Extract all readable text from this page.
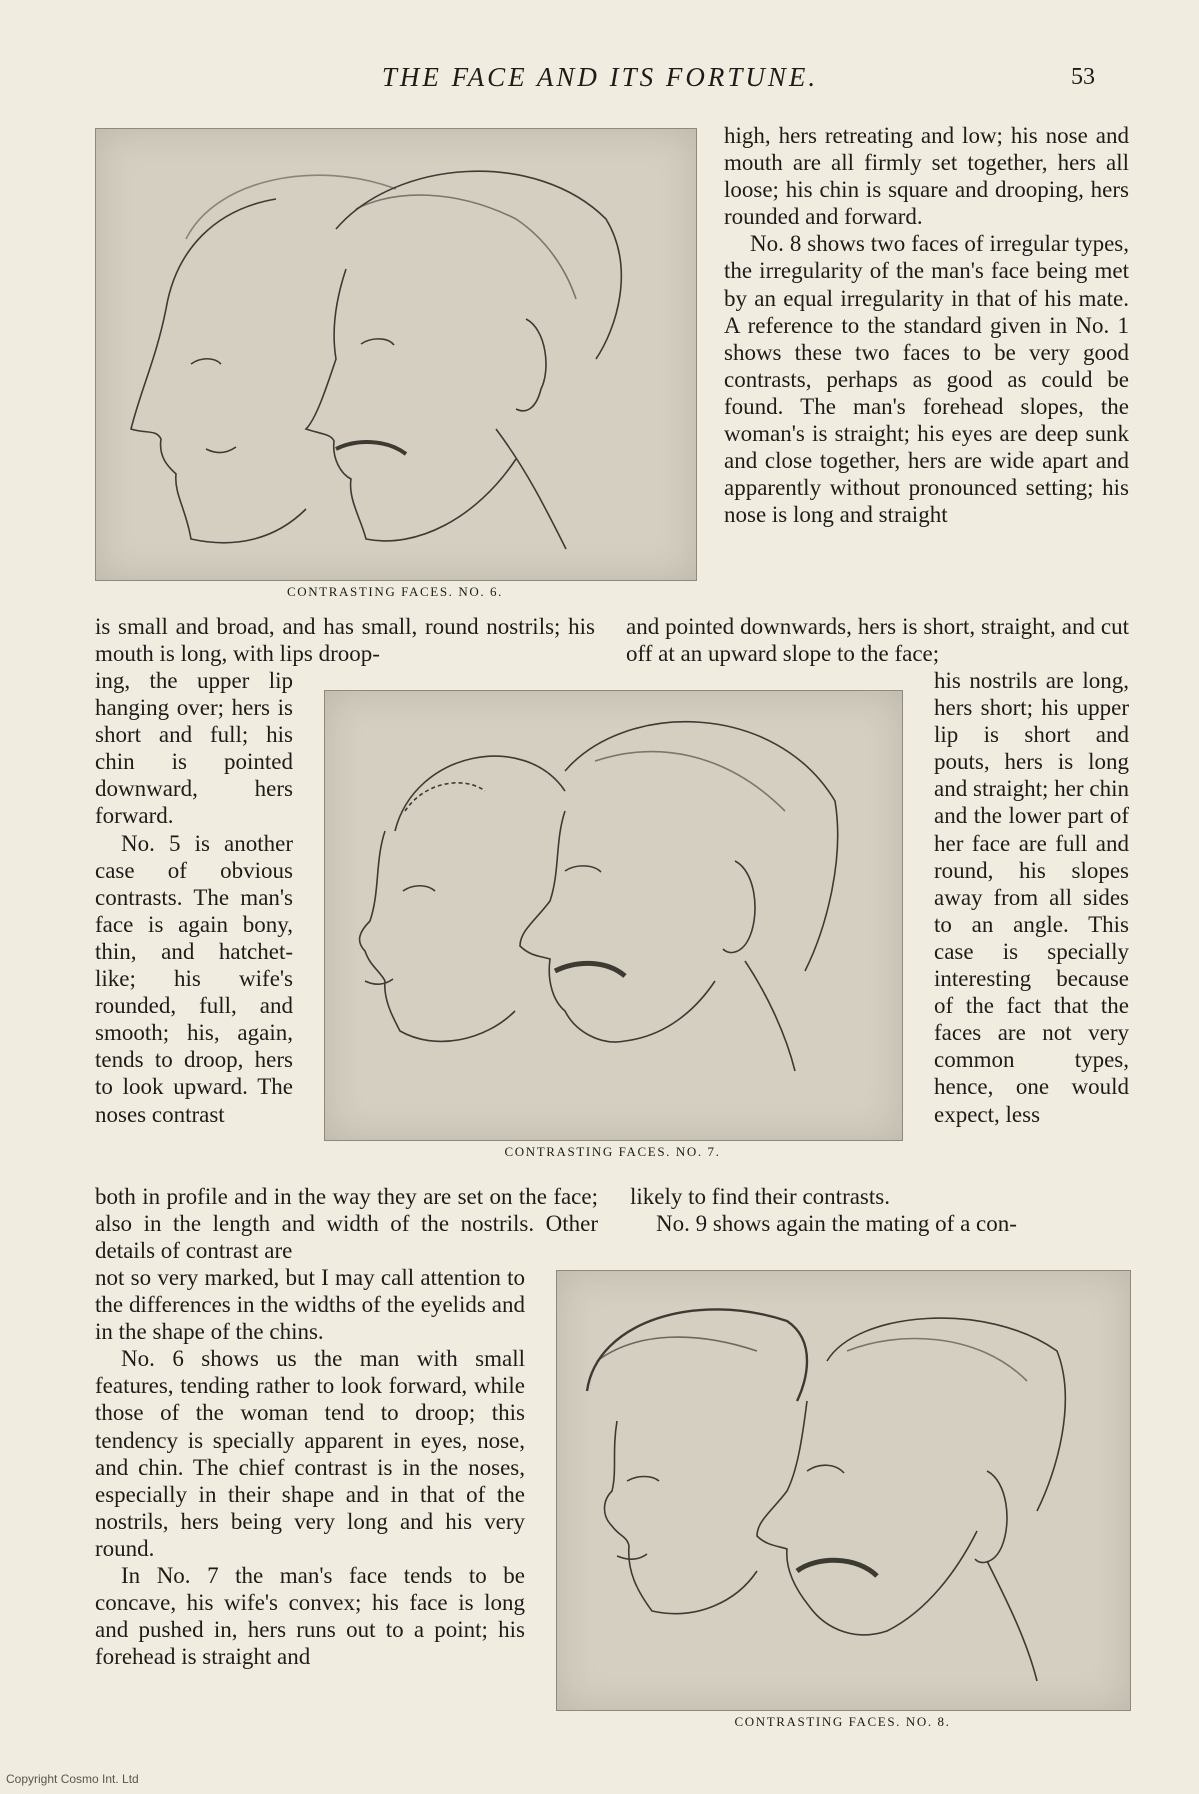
THE FACE AND ITS FORTUNE.	53
CONTRASTING FACES. NO. 6.

high, hers retreating and low; his nose and mouth are all firmly set together, hers all loose; his chin is square and drooping, hers rounded and forward.

No. 8 shows two faces of irregular types, the irregularity of the man's face being met by an equal irregularity in that of his mate. A reference to the standard given in No. 1 shows these two faces to be very good contrasts, perhaps as good as could be found. The man's forehead slopes, the woman's is straight; his eyes are deep sunk and close together, hers are wide apart and apparently without pronounced setting; his nose is long and straight

is small and broad, and has small, round nostrils; his mouth is long, with lips droop-

and pointed downwards, hers is short, straight, and cut off at an upward slope to the face;

ing, the upper lip hanging over; hers is short and full; his chin is pointed downward, hers forward.

No. 5 is another case of obvious contrasts. The man's face is again bony, thin, and hatchet-like; his wife's rounded, full, and smooth; his, again, tends to droop, hers to look upward. The noses contrast

CONTRASTING FACES. NO. 7.

his nostrils are long, hers short; his upper lip is short and pouts, hers is long and straight; her chin and the lower part of her face are full and round, his slopes away from all sides to an angle. This case is specially interesting because of the fact that the faces are not very common types, hence, one would expect, less

both in profile and in the way they are set on the face; also in the length and width of the nostrils. Other details of contrast are

not so very marked, but I may call attention to the differences in the widths of the eyelids and in the shape of the chins.

No. 6 shows us the man with small features, tending rather to look forward, while those of the woman tend to droop; this tendency is specially apparent in eyes, nose, and chin. The chief contrast is in the noses, especially in their shape and in that of the nostrils, hers being very long and his very round.

In No. 7 the man's face tends to be concave, his wife's convex; his face is long and pushed in, hers runs out to a point; his forehead is straight and

likely to find their contrasts.

No. 9 shows again the mating of a con-

CONTRASTING FACES. NO. 8.
Copyright Cosmo Int. Ltd
